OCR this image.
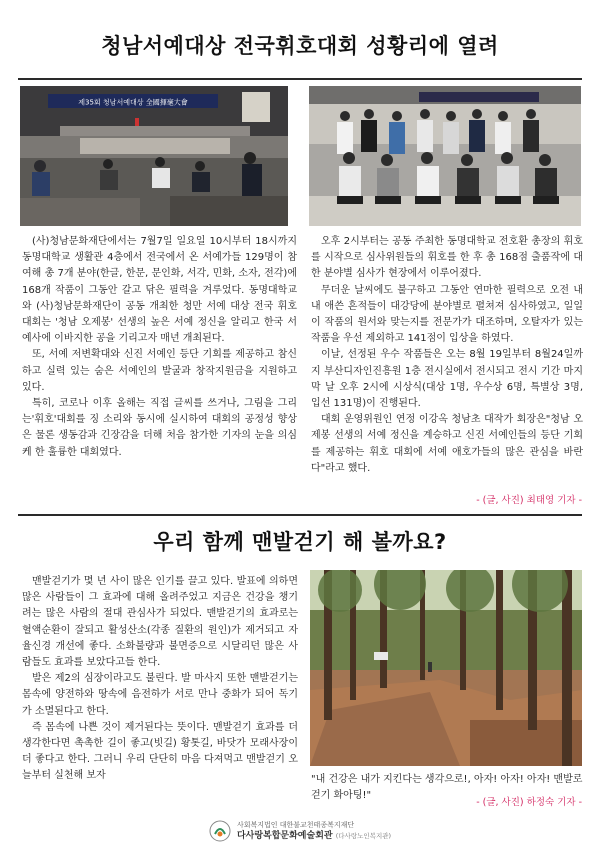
청남서예대상 전국휘호대회 성황리에 열려
제35회 청남서예대상 全國揮毫大會

(사)청남문화재단에서는 7월7일 일요일 10시부터 18시까지 동명대학교 생활관 4층에서 전국에서 온 서예가들 129명이 참여해 총 7개 분야(한글, 한문, 문인화, 서각, 민화, 소자, 전각)에 168개 작품이 그동안 갈고 닦은 필력을 겨루었다. 동명대학교와 (사)청남문화재단이 공동 개최한 청만 서예 대상 전국 휘호 대회는 '청남 오제봉' 선생의 높은 서예 정신을 알리고 한국 서예사에 이바지한 공을 기리고자 매년 개최된다.

또, 서예 저변확대와 신진 서예인 등단 기회를 제공하고 참신하고 실력 있는 숨은 서예인의 발굴과 창작지원금을 지원하고 있다.

특히, 코로나 이후 올해는 직접 글씨를 쓰거나, 그림을 그리는'휘호'대회를 징 소리와 동시에 실시하여 대회의 공정성 향상은 물론 생동감과 긴장감을 더해 처음 참가한 기자의 눈을 의심케 한 훌륭한 대회였다.

오후 2시부터는 공동 주최한 동명대학교 전호환 총장의 휘호를 시작으로 심사위원들의 휘호를 한 후 총 168점 출품작에 대한 분야별 심사가 현장에서 이루어졌다.

무더운 날씨에도 불구하고 그동안 연마한 필력으로 오전 내내 애쓴 흔적들이 대강당에 분야별로 펼쳐져 심사하였고, 일일이 작품의 원서와 맞는지를 전문가가 대조하며, 오탈자가 있는 작품을 우선 제외하고 141점이 입상을 하였다.

이날, 선정된 우수 작품들은 오는 8월 19일부터 8월24일까지 부산디자인진흥원 1층 전시실에서 전시되고 전시 기간 마지막 날 오후 2시에 시상식(대상 1명, 우수상 6명, 특별상 3명, 입선 131명)이 진행된다.

대회 운영위원인 연정 이강옥 청남초 대작가 회장은"청남 오제봉 선생의 서예 정신을 계승하고 신진 서예인들의 등단 기회를 제공하는 휘호 대회에 서예 애호가들의 많은 관심을 바란다"라고 했다.

- (글, 사진) 최태영 기자 -
우리 함께 맨발걷기 해 볼까요?

맨발걷기가 몇 년 사이 많은 인기를 끌고 있다. 발표에 의하면 많은 사람들이 그 효과에 대해 올려주었고 지금은 건강을 챙기려는 많은 사람의 절대 관심사가 되었다. 맨발걷기의 효과로는 혈액순환이 잘되고 활성산소(각종 질환의 원인)가 제거되고 자율신경 개선에 좋다. 소화불량과 불면증으로 시달리던 많은 사람들도 효과를 보았다고들 한다.

발은 제2의 심장이라고도 불린다. 발 마사지 또한 맨발걷기는 몸속에 양전하와 땅속에 음전하가 서로 만나 중화가 되어 독기가 소멸된다고 한다.

즉 몸속에 나쁜 것이 제거된다는 뜻이다. 맨발걷기 효과를 더 생각한다면 촉촉한 길이 좋고(빗길) 황톳길, 바닷가 모래사장이 더 좋다고 한다. 그러니 우리 단단히 마음 다져먹고 맨발걷기 오늘부터 실천해 보자	"내 건강은 내가 지킨다는 생각으로!, 아자! 아자! 아자! 맨발로 걷기 화아팅!"
- (글, 사진) 하정숙 기자 -
사회복지법인 대한불교천태종복지재단
다사랑복합문화예술회관 (다사랑노인복지관)
